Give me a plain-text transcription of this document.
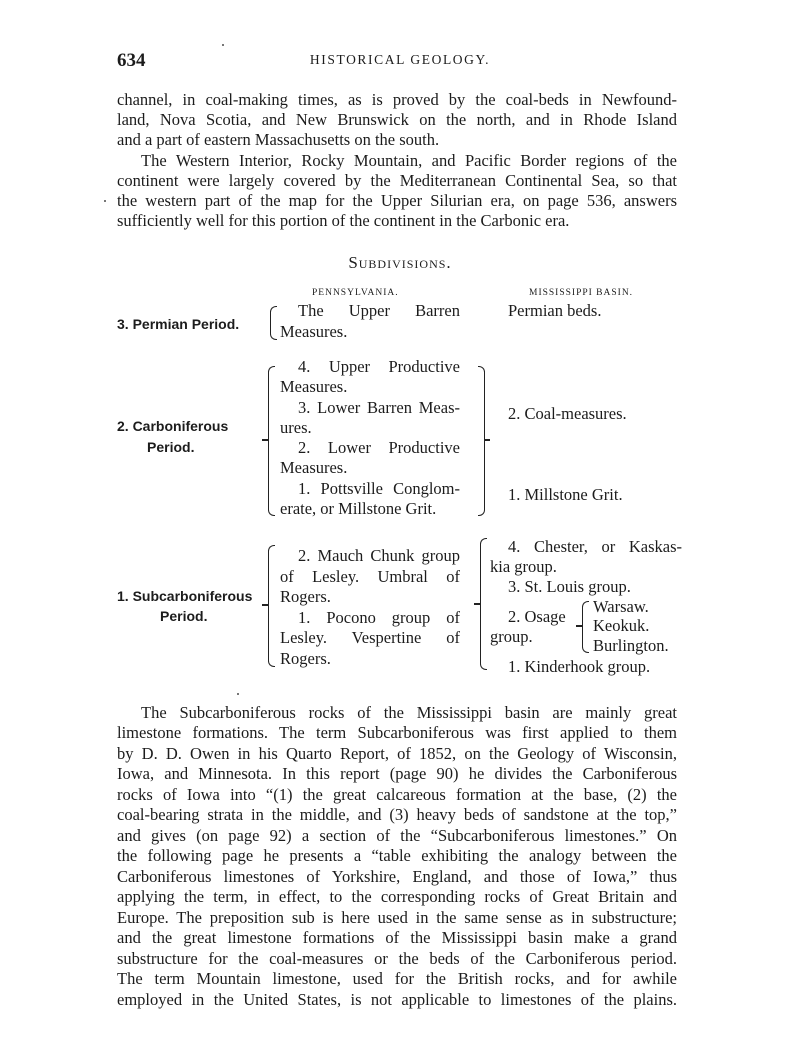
634	HISTORICAL GEOLOGY.
channel, in coal-making times, as is proved by the coal-beds in Newfound-
land, Nova Scotia, and New Brunswick on the north, and in Rhode Island
and a part of eastern Massachusetts on the south.
The Western Interior, Rocky Mountain, and Pacific Border regions of the
continent were largely covered by the Mediterranean Continental Sea, so that
the western part of the map for the Upper Silurian era, on page 536, answers
sufficiently well for this portion of the continent in the Carbonic era.
Subdivisions.
PENNSYLVANIA.	MISSISSIPPI BASIN.
3. Permian Period.
The Upper Barren
Measures.
Permian beds.
2. Carboniferous
Period.
4. Upper Productive
Measures.
3. Lower Barren Meas-
ures.
2. Lower Productive
Measures.
1. Pottsville Conglom-
erate, or Millstone Grit.
2. Coal-measures.
1. Millstone Grit.
1. Subcarboniferous
Period.
2. Mauch Chunk group
of Lesley. Umbral of
Rogers.
1. Pocono group of
Lesley. Vespertine of
Rogers.
4. Chester, or Kaskas-
kia group.
3. St. Louis group.
2. Osage
group.
Warsaw.
Keokuk.
Burlington.
1. Kinderhook group.
The Subcarboniferous rocks of the Mississippi basin are mainly great
limestone formations. The term Subcarboniferous was first applied to them
by D. D. Owen in his Quarto Report, of 1852, on the Geology of Wisconsin,
Iowa, and Minnesota. In this report (page 90) he divides the Carboniferous
rocks of Iowa into “(1) the great calcareous formation at the base, (2) the
coal-bearing strata in the middle, and (3) heavy beds of sandstone at the top,”
and gives (on page 92) a section of the “Subcarboniferous limestones.” On
the following page he presents a “table exhibiting the analogy between the
Carboniferous limestones of Yorkshire, England, and those of Iowa,” thus
applying the term, in effect, to the corresponding rocks of Great Britain and
Europe. The preposition sub is here used in the same sense as in substructure;
and the great limestone formations of the Mississippi basin make a grand
substructure for the coal-measures or the beds of the Carboniferous period.
The term Mountain limestone, used for the British rocks, and for awhile
employed in the United States, is not applicable to limestones of the plains.
